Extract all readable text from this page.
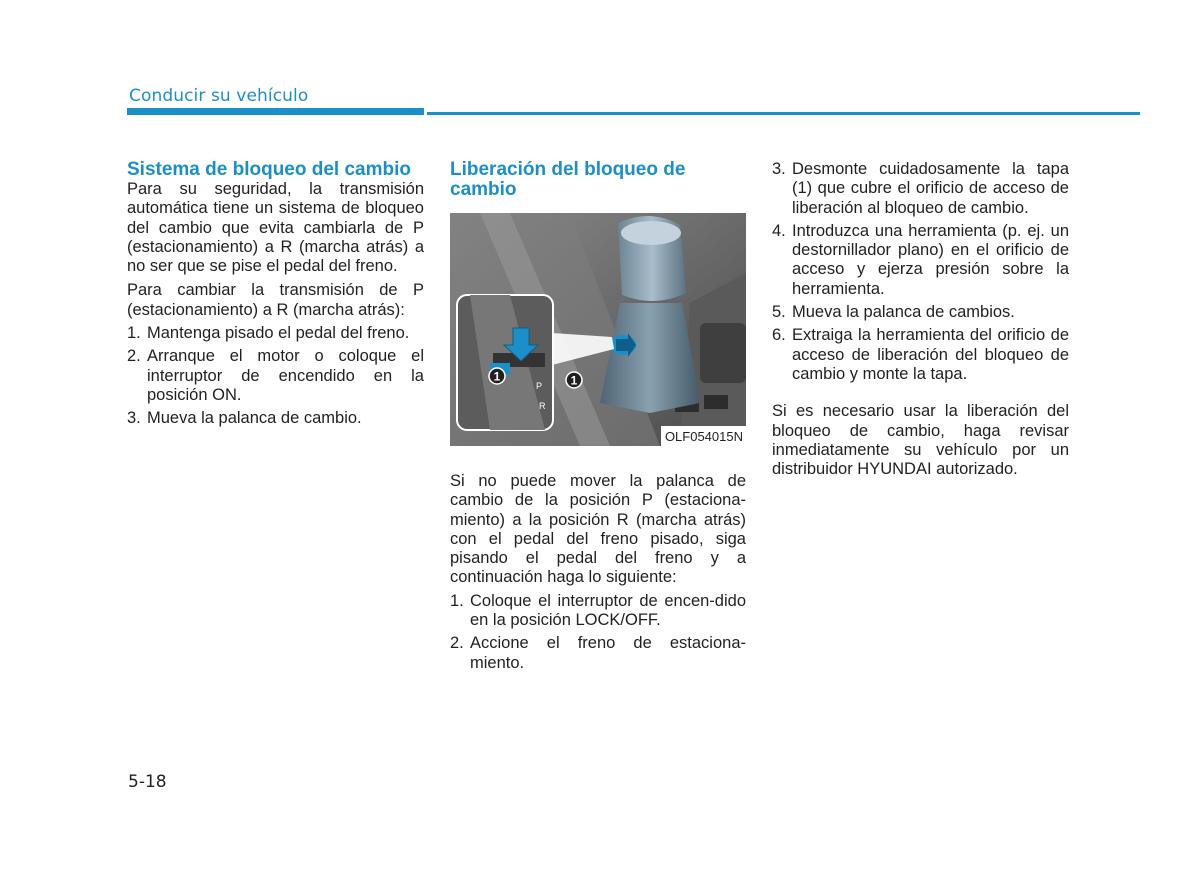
Conducir su vehículo
Sistema de bloqueo del cambio

Para su seguridad, la transmisión automática tiene un sistema de bloqueo del cambio que evita cambiarla de P (estacionamiento) a R (marcha atrás) a no ser que se pise el pedal del freno.

Para cambiar la transmisión de P (estacionamiento) a R (marcha atrás):

1. Mantenga pisado el pedal del freno.
2. Arranque el motor o coloque el interruptor de encendido en la posición ON.
3. Mueva la palanca de cambio.
Liberación del bloqueo de cambio
1	1
P
R
OLF054015N

Si no puede mover la palanca de cambio de la posición P (estaciona-miento) a la posición R (marcha atrás) con el pedal del freno pisado, siga pisando el pedal del freno y a continuación haga lo siguiente:

1. Coloque el interruptor de encen-dido en la posición LOCK/OFF.
2. Accione el freno de estaciona-miento.
3. Desmonte cuidadosamente la tapa (1) que cubre el orificio de acceso de liberación al bloqueo de cambio.
4. Introduzca una herramienta (p. ej. un destornillador plano) en el orificio de acceso y ejerza presión sobre la herramienta.
5. Mueva la palanca de cambios.
6. Extraiga la herramienta del orificio de acceso de liberación del bloqueo de cambio y monte la tapa.

Si es necesario usar la liberación del bloqueo de cambio, haga revisar inmediatamente su vehículo por un distribuidor HYUNDAI autorizado.

5-18
